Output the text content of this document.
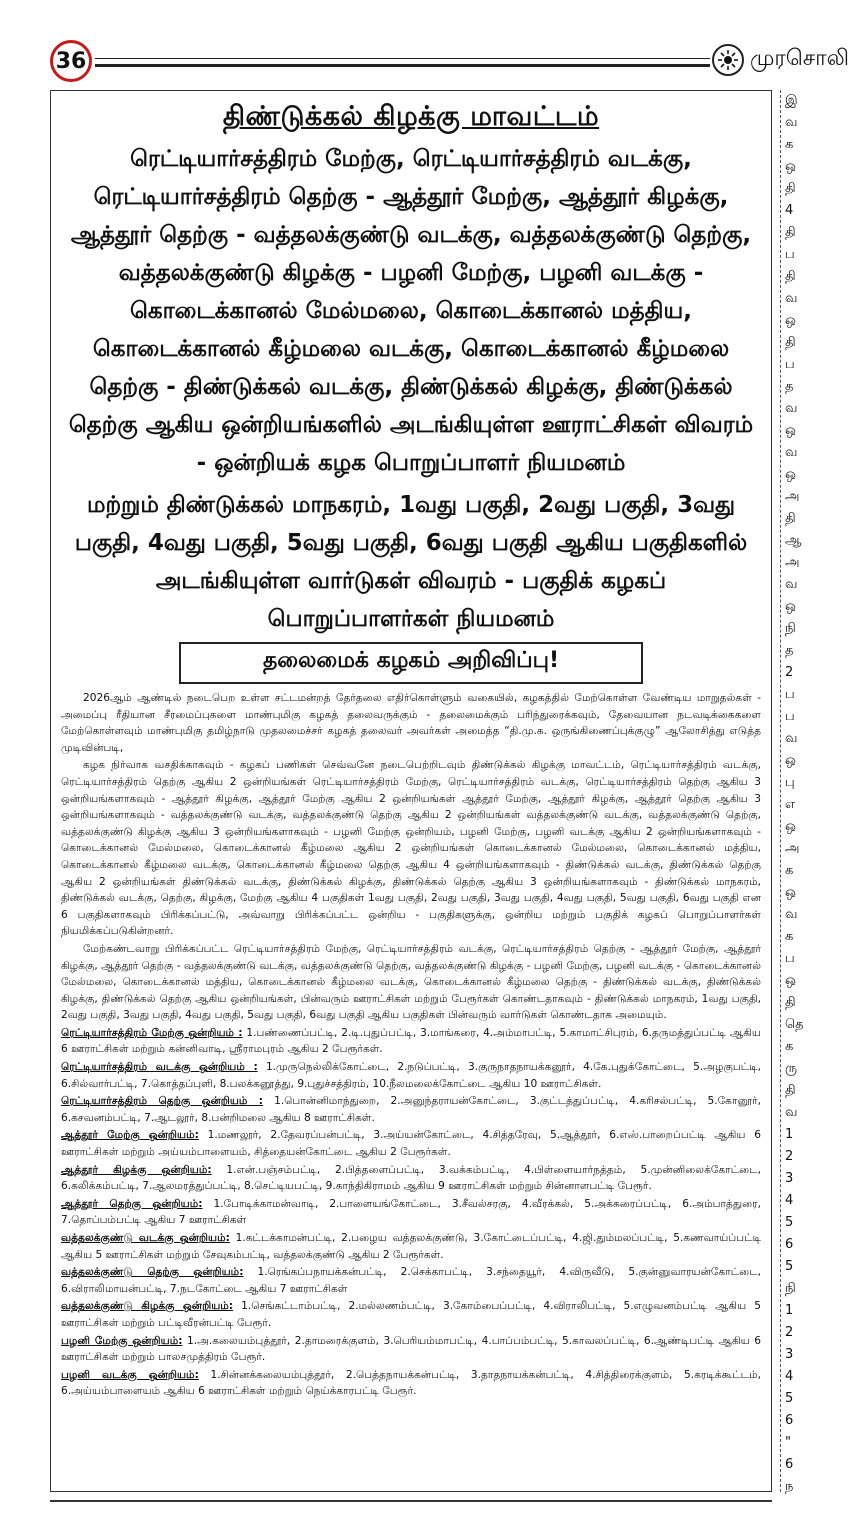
36	முரசொலி
திண்டுக்கல் கிழக்கு மாவட்டம்
ரெட்டியார்சத்திரம் மேற்கு, ரெட்டியார்சத்திரம் வடக்கு, ரெட்டியார்சத்திரம் தெற்கு - ஆத்தூர் மேற்கு, ஆத்தூர் கிழக்கு, ஆத்தூர் தெற்கு - வத்தலக்குண்டு வடக்கு, வத்தலக்குண்டு தெற்கு, வத்தலக்குண்டு கிழக்கு - பழனி மேற்கு, பழனி வடக்கு - கொடைக்கானல் மேல்மலை, கொடைக்கானல் மத்திய, கொடைக்கானல் கீழ்மலை வடக்கு, கொடைக்கானல் கீழ்மலை தெற்கு - திண்டுக்கல் வடக்கு, திண்டுக்கல் கிழக்கு, திண்டுக்கல் தெற்கு ஆகிய ஒன்றியங்களில் அடங்கியுள்ள ஊராட்சிகள் விவரம் - ஒன்றியக் கழக பொறுப்பாளர் நியமனம்
மற்றும் திண்டுக்கல் மாநகரம், 1வது பகுதி, 2வது பகுதி, 3வது பகுதி, 4வது பகுதி, 5வது பகுதி, 6வது பகுதி ஆகிய பகுதிகளில் அடங்கியுள்ள வார்டுகள் விவரம் - பகுதிக் கழகப் பொறுப்பாளர்கள் நியமனம்
தலைமைக் கழகம் அறிவிப்பு!

2026ஆம் ஆண்டில் நடைபெற உள்ள சட்டமன்றத் தேர்தலை எதிர்கொள்ளும் வகையில், கழகத்தில் மேற்கொள்ள வேண்டிய மாறுதல்கள் - அமைப்பு ரீதியான சீரமைப்புகளை மாண்புமிகு கழகத் தலைவருக்கும் - தலைமைக்கும் பரிந்துரைக்கவும், தேவையான நடவடிக்கைகளை மேற்கொள்ளவும் மாண்புமிகு தமிழ்நாடு முதலமைச்சர் கழகத் தலைவர் அவர்கள் அமைத்த “தி.மு.க. ஒருங்கிணைப்புக்குழு” ஆலோசித்து எடுத்த முடிவின்படி,

கழக நிர்வாக வசதிக்காகவும் - கழகப் பணிகள் செவ்வனே நடைபெற்றிடவும் திண்டுக்கல் கிழக்கு மாவட்டம், ரெட்டியார்சத்திரம் வடக்கு, ரெட்டியார்சத்திரம் தெற்கு ஆகிய 2 ஒன்றியங்கள் ரெட்டியார்சத்திரம் மேற்கு, ரெட்டியார்சத்திரம் வடக்கு, ரெட்டியார்சத்திரம் தெற்கு ஆகிய 3 ஒன்றியங்களாகவும் - ஆத்தூர் கிழக்கு, ஆத்தூர் மேற்கு ஆகிய 2 ஒன்றியங்கள் ஆத்தூர் மேற்கு, ஆத்தூர் கிழக்கு, ஆத்தூர் தெற்கு ஆகிய 3 ஒன்றியங்களாகவும் - வத்தலக்குண்டு வடக்கு, வத்தலக்குண்டு தெற்கு ஆகிய 2 ஒன்றியங்கள் வத்தலக்குண்டு வடக்கு, வத்தலக்குண்டு தெற்கு, வத்தலக்குண்டு கிழக்கு ஆகிய 3 ஒன்றியங்களாகவும் - பழனி மேற்கு ஒன்றியம், பழனி மேற்கு, பழனி வடக்கு ஆகிய 2 ஒன்றியங்களாகவும் - கொடைக்கானல் மேல்மலை, கொடைக்கானல் கீழ்மலை ஆகிய 2 ஒன்றியங்கள் கொடைக்கானல் மேல்மலை, கொடைக்கானல் மத்திய, கொடைக்கானல் கீழ்மலை வடக்கு, கொடைக்கானல் கீழ்மலை தெற்கு ஆகிய 4 ஒன்றியங்களாகவும் - திண்டுக்கல் வடக்கு, திண்டுக்கல் தெற்கு ஆகிய 2 ஒன்றியங்கள் திண்டுக்கல் வடக்கு, திண்டுக்கல் கிழக்கு, திண்டுக்கல் தெற்கு ஆகிய 3 ஒன்றியங்களாகவும் - திண்டுக்கல் மாநகரம், திண்டுக்கல் வடக்கு, தெற்கு, கிழக்கு, மேற்கு ஆகிய 4 பகுதிகள் 1வது பகுதி, 2வது பகுதி, 3வது பகுதி, 4வது பகுதி, 5வது பகுதி, 6வது பகுதி என 6 பகுதிகளாகவும் பிரிக்கப்பட்டு, அவ்வாறு பிரிக்கப்பட்ட ஒன்றிய - பகுதிகளுக்கு, ஒன்றிய மற்றும் பகுதிக் கழகப் பொறுப்பாளர்கள் நியமிக்கப்படுகின்றனர்.

மேற்கண்டவாறு பிரிக்கப்பட்ட ரெட்டியார்சத்திரம் மேற்கு, ரெட்டியார்சத்திரம் வடக்கு, ரெட்டியார்சத்திரம் தெற்கு - ஆத்தூர் மேற்கு, ஆத்தூர் கிழக்கு, ஆத்தூர் தெற்கு - வத்தலக்குண்டு வடக்கு, வத்தலக்குண்டு தெற்கு, வத்தலக்குண்டு கிழக்கு - பழனி மேற்கு, பழனி வடக்கு - கொடைக்கானல் மேல்மலை, கொடைக்கானல் மத்திய, கொடைக்கானல் கீழ்மலை வடக்கு, கொடைக்கானல் கீழ்மலை தெற்கு - திண்டுக்கல் வடக்கு, திண்டுக்கல் கிழக்கு, திண்டுக்கல் தெற்கு ஆகிய ஒன்றியங்கள், பின்வரும் ஊராட்சிகள் மற்றும் பேரூர்கள் கொண்டதாகவும் - திண்டுக்கல் மாநகரம், 1வது பகுதி, 2வது பகுதி, 3வது பகுதி, 4வது பகுதி, 5வது பகுதி, 6வது பகுதி ஆகிய பகுதிகள் பின்வரும் வார்டுகள் கொண்டதாக அமையும்.

ரெட்டியார்சத்திரம் மேற்கு ஒன்றியம் : 1.பண்ணைப்பட்டி, 2.டி.புதுப்பட்டி, 3.மாங்கரை, 4.அம்மாபட்டி, 5.காமாட்சிபுரம், 6.தருமத்துப்பட்டி ஆகிய 6 ஊராட்சிகள் மற்றும் கன்னிவாடி, ஸ்ரீராமபுரம் ஆகிய 2 பேரூர்கள்.

ரெட்டியார்சத்திரம் வடக்கு ஒன்றியம் : 1.முருநெல்லிக்கோட்டை, 2.நடுப்பட்டி, 3.குருநாதநாயக்கனூர், 4.கே.புதுக்கோட்டை, 5.அழகுபட்டி, 6.சில்வார்பட்டி, 7.கொத்தப்புளி, 8.பலக்கனூத்து, 9.புதுச்சத்திரம், 10.நீலமலைக்கோட்டை ஆகிய 10 ஊராட்சிகள்.

ரெட்டியார்சத்திரம் தெற்கு ஒன்றியம் : 1.பொன்னிமாந்துறை, 2.அனுந்தராயன்கோட்டை, 3.குட்டத்துப்பட்டி, 4.கரிசல்பட்டி, 5.கோனூர், 6.கசவனம்பட்டி, 7.ஆடலூர், 8.பன்றிமலை ஆகிய 8 ஊராட்சிகள்.

ஆத்தூர் மேற்கு ஒன்றியம்: 1.மணலூர், 2.தேவரப்பன்பட்டி, 3.அய்யன்கோட்டை, 4.சித்தரேவு, 5.ஆத்தூர், 6.எஸ்.பாறைப்பட்டி ஆகிய 6 ஊராட்சிகள் மற்றும் அய்யம்பாளையம், சித்தையன்கோட்டை ஆகிய 2 பேரூர்கள்.

ஆத்தூர் கிழக்கு ஒன்றியம்: 1.என்.பஞ்சம்பட்டி, 2.பித்தளைப்பட்டி, 3.வக்கம்பட்டி, 4.பிள்ளையார்நத்தம், 5.முன்னிலைக்கோட்டை, 6.கலிக்கம்பட்டி, 7.ஆலமரத்துப்பட்டி, 8.செட்டியபட்டி, 9.காந்திகிராமம் ஆகிய 9 ஊராட்சிகள் மற்றும் சின்னாளபட்டி பேரூர்.

ஆத்தூர் தெற்கு ஒன்றியம்: 1.போடிக்காமன்வாடி, 2.பாளையங்கோட்டை, 3.சீவல்சரகு, 4.வீரக்கல், 5.அக்கரைப்பட்டி, 6.அம்பாத்துரை, 7.தொப்பம்பட்டி ஆகிய 7 ஊராட்சிகள்

வத்தலக்குண்டு வடக்கு ஒன்றியம்: 1.கட்டக்காமன்பட்டி, 2.பழைய வத்தலக்குண்டு, 3.கோட்டைப்பட்டி, 4.ஜி.தும்மலப்பட்டி, 5.கணவாய்ப்பட்டி ஆகிய 5 ஊராட்சிகள் மற்றும் சேவுகம்பட்டி, வத்தலக்குண்டு ஆகிய 2 பேரூர்கள்.

வத்தலக்குண்டு தெற்கு ஒன்றியம்: 1.ரெங்கப்பநாயக்கன்பட்டி, 2.செக்காபட்டி, 3.சந்தையூர், 4.விருவீடு, 5.குன்னுவாரயன்கோட்டை, 6.விராலிமாயன்பட்டி, 7.நடகோட்டை ஆகிய 7 ஊராட்சிகள்

வத்தலக்குண்டு கிழக்கு ஒன்றியம்: 1.செங்கட்டாம்பட்டி, 2.மல்லணம்பட்டி, 3.கோம்பைப்பட்டி, 4.விராலிபட்டி, 5.எழுவனம்பட்டி ஆகிய 5 ஊராட்சிகள் மற்றும் பட்டிவீரன்பட்டி பேரூர்.

பழனி மேற்கு ஒன்றியம்: 1.அ.கலையம்புத்தூர், 2.தாமரைக்குளம், 3.பெரியம்மாபட்டி, 4.பாப்பம்பட்டி, 5.காவலப்பட்டி, 6.ஆண்டிபட்டி ஆகிய 6 ஊராட்சிகள் மற்றும் பாலசமுத்திரம் பேரூர்.

பழனி வடக்கு ஒன்றியம்: 1.சின்னக்கலையம்புத்தூர், 2.பெத்தநாயக்கன்பட்டி, 3.தாதநாயக்கன்பட்டி, 4.சித்திரைக்குளம், 5.கரடிக்கூட்டம், 6.அய்யம்பாளையம் ஆகிய 6 ஊராட்சிகள் மற்றும் நெய்க்காரபட்டி பேரூர்.

இ
வ
க
ஒ
தி
4
தி
ப
தி
வ
ஒ
தி
ப
த
வ
ஒ
வ
ஒ
அ
தி
ஆ
அ
வ
ஒ
நி
த
2
ப
ப
வ
ஒ
பு
எ
ஒ
அ
க
ஒ
வ
க
ப
ஒ
தி
தெ
க
ரு
தி
வ
1
2
3
4
5
6
5
நி
1
2
3
4
5
6
"
6
ந
